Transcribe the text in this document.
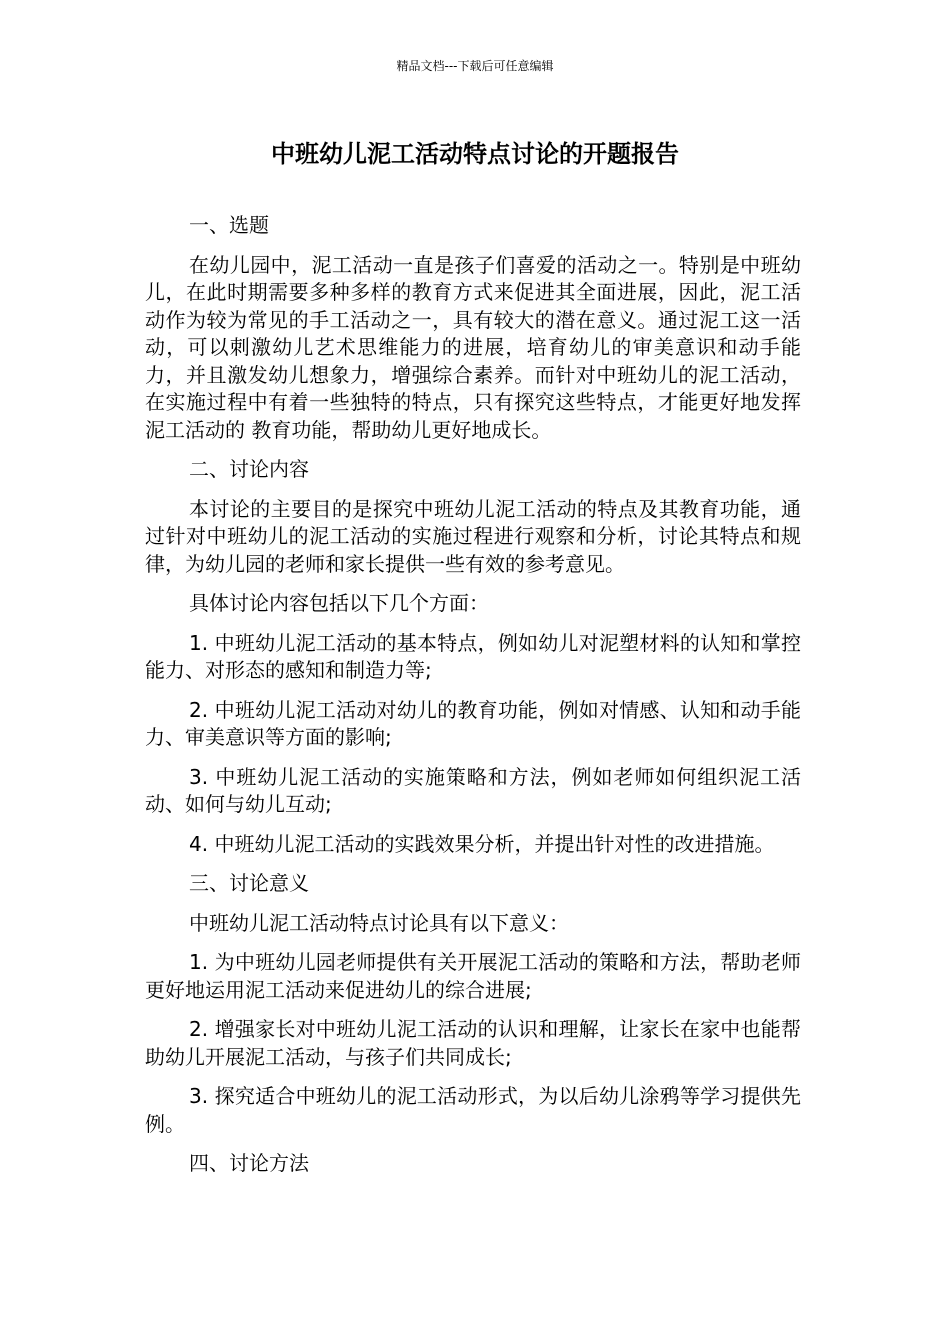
精品文档---下载后可任意编辑
中班幼儿泥工活动特点讨论的开题报告

一、选题

在幼儿园中，泥工活动一直是孩子们喜爱的活动之一。特别是中班幼儿，在此时期需要多种多样的教育方式来促进其全面进展，因此，泥工活动作为较为常见的手工活动之一，具有较大的潜在意义。通过泥工这一活动，可以刺激幼儿艺术思维能力的进展，培育幼儿的审美意识和动手能力，并且激发幼儿想象力，增强综合素养。而针对中班幼儿的泥工活动，在实施过程中有着一些独特的特点，只有探究这些特点，才能更好地发挥泥工活动的 教育功能，帮助幼儿更好地成长。

二、讨论内容

本讨论的主要目的是探究中班幼儿泥工活动的特点及其教育功能，通过针对中班幼儿的泥工活动的实施过程进行观察和分析，讨论其特点和规律，为幼儿园的老师和家长提供一些有效的参考意见。

具体讨论内容包括以下几个方面：

1. 中班幼儿泥工活动的基本特点，例如幼儿对泥塑材料的认知和掌控能力、对形态的感知和制造力等;

2. 中班幼儿泥工活动对幼儿的教育功能，例如对情感、认知和动手能力、审美意识等方面的影响;

3. 中班幼儿泥工活动的实施策略和方法，例如老师如何组织泥工活动、如何与幼儿互动;

4. 中班幼儿泥工活动的实践效果分析，并提出针对性的改进措施。

三、讨论意义

中班幼儿泥工活动特点讨论具有以下意义：

1. 为中班幼儿园老师提供有关开展泥工活动的策略和方法，帮助老师更好地运用泥工活动来促进幼儿的综合进展;

2. 增强家长对中班幼儿泥工活动的认识和理解，让家长在家中也能帮助幼儿开展泥工活动，与孩子们共同成长;

3. 探究适合中班幼儿的泥工活动形式，为以后幼儿涂鸦等学习提供先例。

四、讨论方法
